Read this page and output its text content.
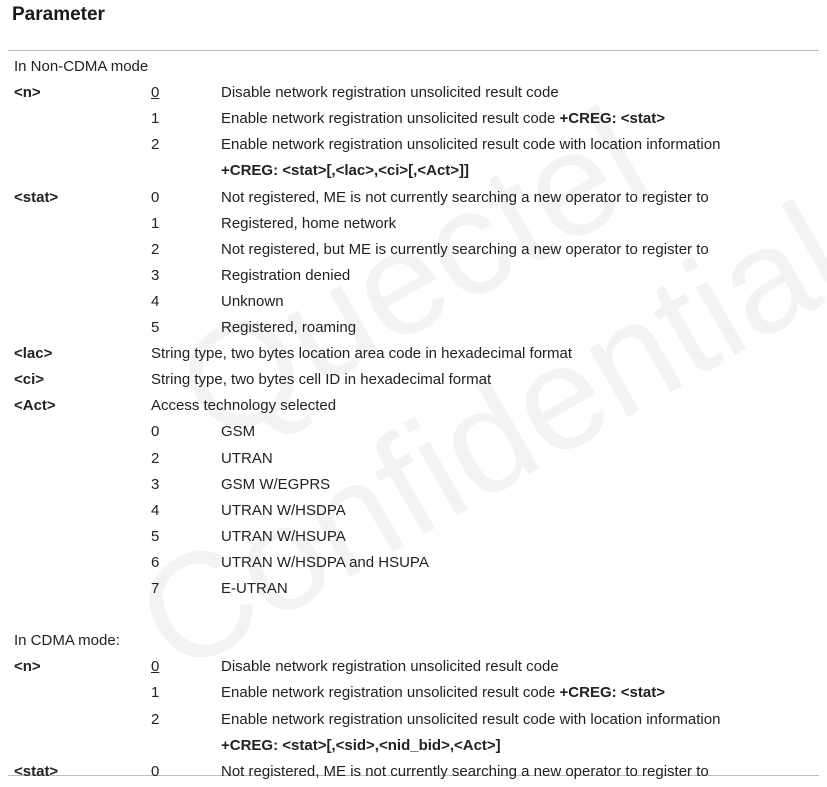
Parameter
In Non-CDMA mode
<n>	0	Disable network registration unsolicited result code
1	Enable network registration unsolicited result code +CREG: <stat>
2	Enable network registration unsolicited result code with location information
+CREG: <stat>[,<lac>,<ci>[,<Act>]]
<stat>	0	Not registered, ME is not currently searching a new operator to register to
1	Registered, home network
2	Not registered, but ME is currently searching a new operator to register to
3	Registration denied
4	Unknown
5	Registered, roaming
<lac>	String type, two bytes location area code in hexadecimal format
<ci>	String type, two bytes cell ID in hexadecimal format
<Act>	Access technology selected
0	GSM
2	UTRAN
3	GSM W/EGPRS
4	UTRAN W/HSDPA
5	UTRAN W/HSUPA
6	UTRAN W/HSDPA and HSUPA
7	E-UTRAN
In CDMA mode:
<n>	0	Disable network registration unsolicited result code
1	Enable network registration unsolicited result code +CREG: <stat>
2	Enable network registration unsolicited result code with location information
+CREG: <stat>[,<sid>,<nid_bid>,<Act>]
<stat>	0	Not registered, ME is not currently searching a new operator to register to
